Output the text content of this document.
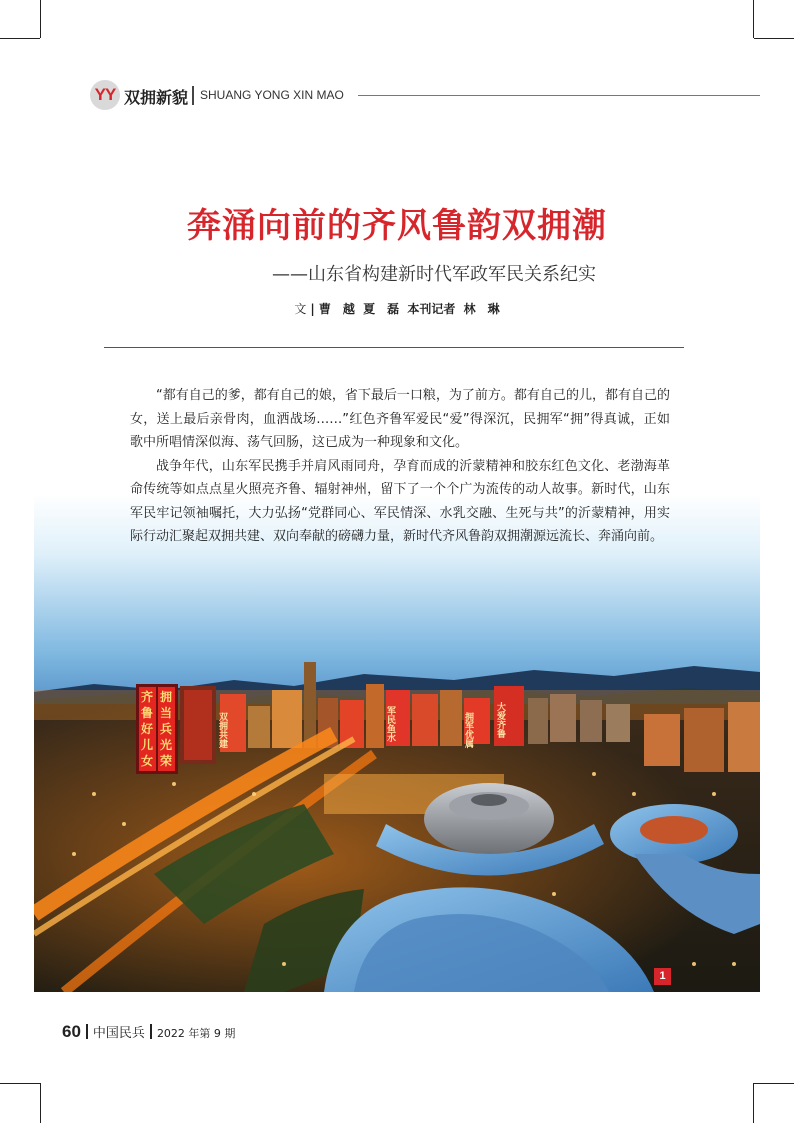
YY 双拥新貌 SHUANG YONG XIN MAO
奔涌向前的齐风鲁韵双拥潮
——山东省构建新时代军政军民关系纪实
文 | 曹　越  夏　磊 本刊记者 林　琳
齐
鲁
好
儿
女
拥
当
兵
光
荣
双拥共建	军民鱼水	拥军优属 大爱齐鲁
1

“都有自己的爹，都有自己的娘，省下最后一口粮，为了前方。都有自己的儿，都有自己的女，送上最后亲骨肉，血洒战场……”红色齐鲁军爱民“爱”得深沉，民拥军“拥”得真诚，正如歌中所唱情深似海、荡气回肠，这已成为一种现象和文化。

战争年代，山东军民携手并肩风雨同舟，孕育而成的沂蒙精神和胶东红色文化、老渤海革命传统等如点点星火照亮齐鲁、辐射神州，留下了一个个广为流传的动人故事。新时代，山东军民牢记领袖嘱托，大力弘扬“党群同心、军民情深、水乳交融、生死与共”的沂蒙精神，用实际行动汇聚起双拥共建、双向奉献的磅礴力量，新时代齐风鲁韵双拥潮源远流长、奔涌向前。

60 中国民兵 2022 年第 9 期
